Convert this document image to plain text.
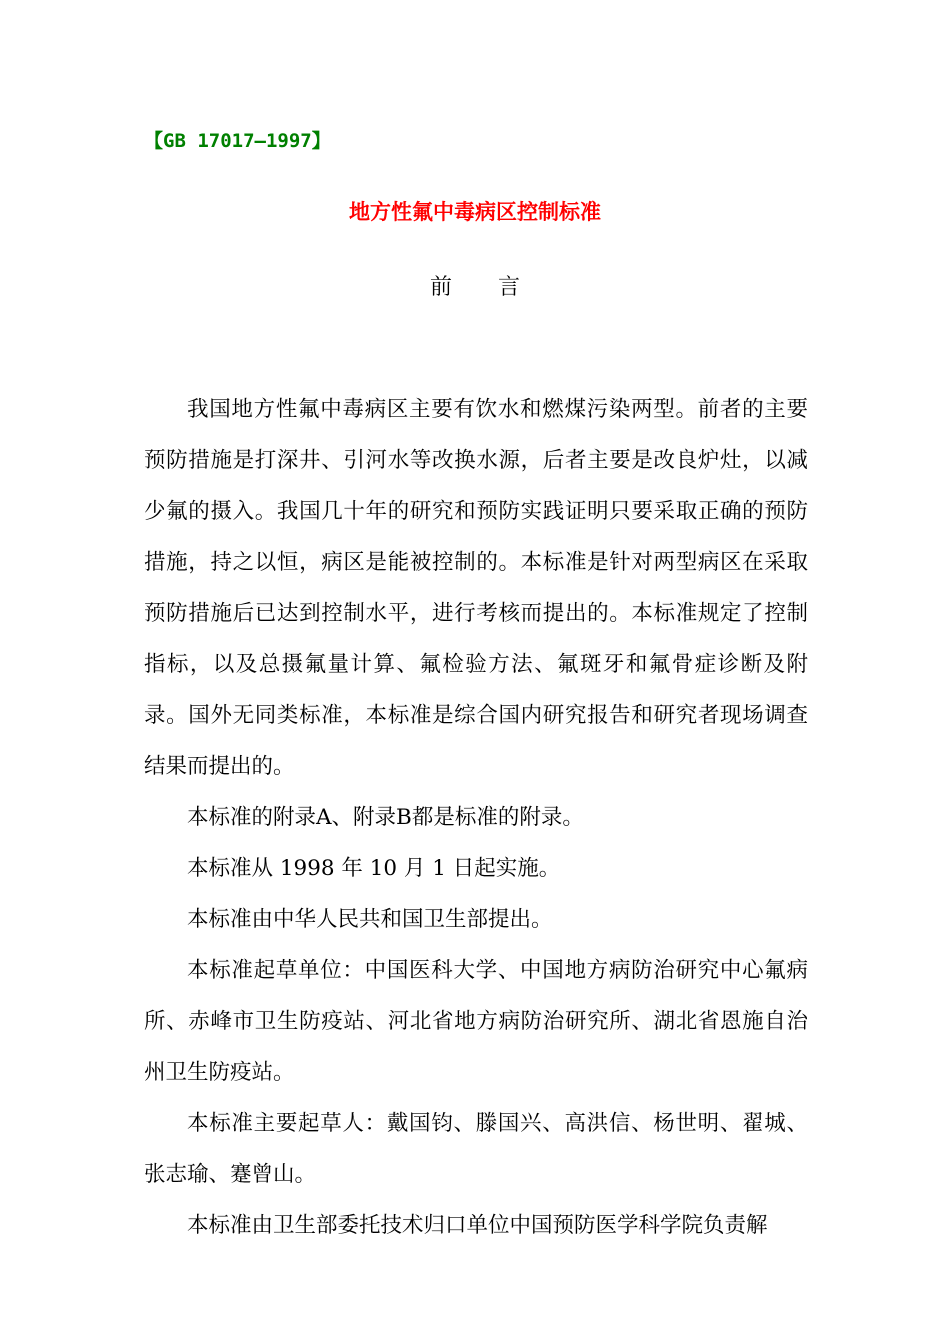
【GB 17017—1997】
地方性氟中毒病区控制标准
前 言

我国地方性氟中毒病区主要有饮水和燃煤污染两型。前者的主要预防措施是打深井、引河水等改换水源，后者主要是改良炉灶，以减少氟的摄入。我国几十年的研究和预防实践证明只要采取正确的预防措施，持之以恒，病区是能被控制的。本标准是针对两型病区在采取预防措施后已达到控制水平，进行考核而提出的。本标准规定了控制指标，以及总摄氟量计算、氟检验方法、氟斑牙和氟骨症诊断及附录。国外无同类标准，本标准是综合国内研究报告和研究者现场调查结果而提出的。

本标准的附录A、附录B都是标准的附录。

本标准从 1998 年 10 月 1 日起实施。

本标准由中华人民共和国卫生部提出。

本标准起草单位：中国医科大学、中国地方病防治研究中心氟病所、赤峰市卫生防疫站、河北省地方病防治研究所、湖北省恩施自治州卫生防疫站。

本标准主要起草人：戴国钧、滕国兴、高洪信、杨世明、翟城、张志瑜、蹇曾山。

本标准由卫生部委托技术归口单位中国预防医学科学院负责解
